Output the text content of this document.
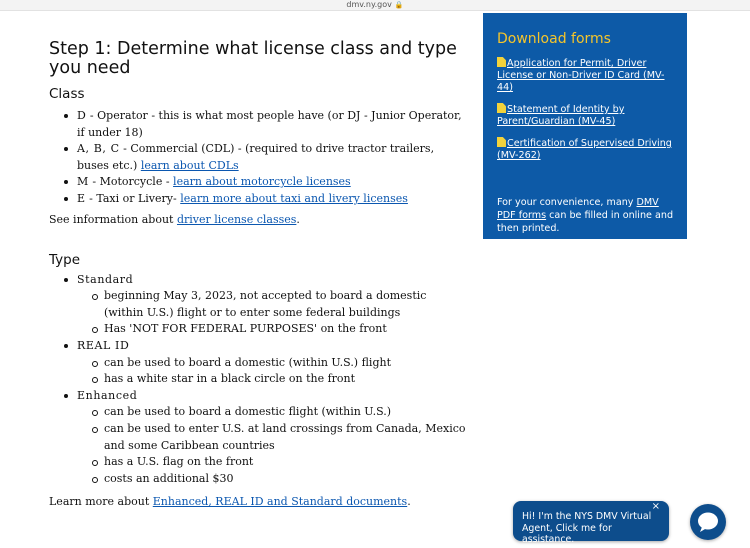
dmv.ny.gov 🔒
Step 1: Determine what license class and type you need
Class
D - Operator - this is what most people have (or DJ - Junior Operator, if under 18)
A, B, C - Commercial (CDL) - (required to drive tractor trailers, buses etc.) learn about CDLs
M - Motorcycle - learn about motorcycle licenses
E - Taxi or Livery- learn more about taxi and livery licenses

See information about driver license classes.

Type
Standard
beginning May 3, 2023, not accepted to board a domestic (within U.S.) flight or to enter some federal buildings
Has 'NOT FOR FEDERAL PURPOSES' on the front
REAL ID
can be used to board a domestic (within U.S.) flight
has a white star in a black circle on the front
Enhanced
can be used to board a domestic flight (within U.S.)
can be used to enter U.S. at land crossings from Canada, Mexico and some Caribbean countries
has a U.S. flag on the front
costs an additional $30

Learn more about Enhanced, REAL ID and Standard documents.

Download forms
Application for Permit, Driver License or Non-Driver ID Card (MV-44)
Statement of Identity by Parent/Guardian (MV-45)
Certification of Supervised Driving (MV-262)
For your convenience, many DMV PDF forms can be filled in online and then printed.
×
Hi! I'm the NYS DMV Virtual Agent, Click me for assistance.
